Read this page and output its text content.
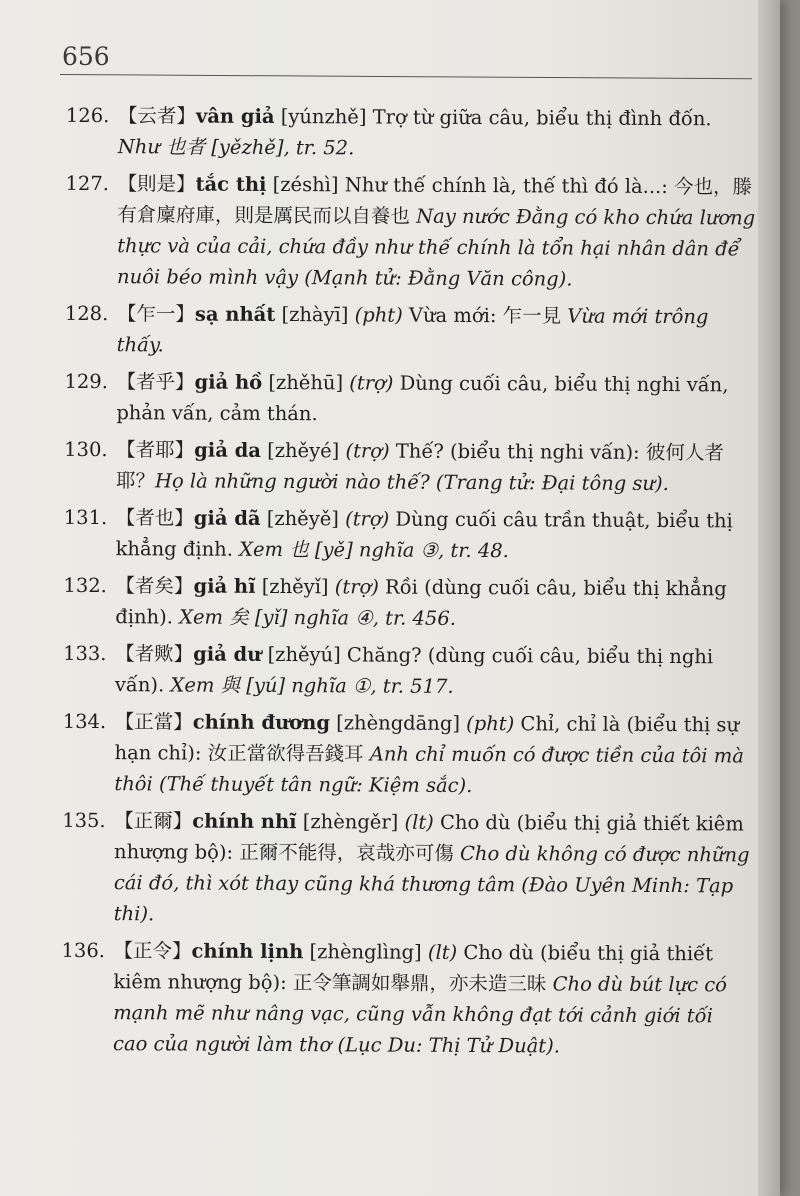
656
126. 【云者】vân giả [yúnzhě] Trợ từ giữa câu, biểu thị đình đốn. Như 也者 [yězhě], tr. 52.
127. 【則是】tắc thị [zéshì] Như thế chính là, thế thì đó là...: 今也，滕有倉廩府庫，則是厲民而以自養也 Nay nước Đằng có kho chứa lương thực và của cải, chứa đầy như thế chính là tổn hại nhân dân để nuôi béo mình vậy (Mạnh tử: Đằng Văn công).
128. 【乍一】sạ nhất [zhàyī] (pht) Vừa mới: 乍一見 Vừa mới trông thấy.
129. 【者乎】giả hồ [zhěhū] (trợ) Dùng cuối câu, biểu thị nghi vấn, phản vấn, cảm thán.
130. 【者耶】giả da [zhěyé] (trợ) Thế? (biểu thị nghi vấn): 彼何人者耶？Họ là những người nào thế? (Trang tử: Đại tông sư).
131. 【者也】giả dã [zhěyě] (trợ) Dùng cuối câu trần thuật, biểu thị khẳng định. Xem 也 [yě] nghĩa ③, tr. 48.
132. 【者矣】giả hĩ [zhěyǐ] (trợ) Rồi (dùng cuối câu, biểu thị khẳng định). Xem 矣 [yǐ] nghĩa ④, tr. 456.
133. 【者歟】giả dư [zhěyú] Chăng? (dùng cuối câu, biểu thị nghi vấn). Xem 與 [yú] nghĩa ①, tr. 517.
134. 【正當】chính đương [zhèngdāng] (pht) Chỉ, chỉ là (biểu thị sự hạn chỉ): 汝正當欲得吾錢耳 Anh chỉ muốn có được tiền của tôi mà thôi (Thế thuyết tân ngữ: Kiệm sắc).
135. 【正爾】chính nhĩ [zhèngěr] (lt) Cho dù (biểu thị giả thiết kiêm nhượng bộ): 正爾不能得，哀哉亦可傷 Cho dù không có được những cái đó, thì xót thay cũng khá thương tâm (Đào Uyên Minh: Tạp thi).
136. 【正令】chính lịnh [zhènglìng] (lt) Cho dù (biểu thị giả thiết kiêm nhượng bộ): 正令筆調如舉鼎，亦未造三昧 Cho dù bút lực có mạnh mẽ như nâng vạc, cũng vẫn không đạt tới cảnh giới tối cao của người làm thơ (Lục Du: Thị Tử Duật).
